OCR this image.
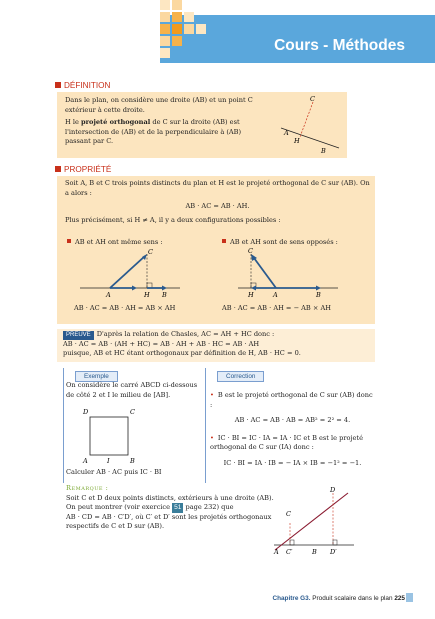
Cours - Méthodes
DÉFINITION
Dans le plan, on considère une droite (AB) et un point C extérieur à cette droite.
H le projeté orthogonal de C sur la droite (AB) est l'intersection de (AB) et de la perpendiculaire à (AB) passant par C.
C
A
H
B
PROPRIÉTÉ
Soit A, B et C trois points distincts du plan et H est le projeté orthogonal de C sur (AB). On a alors :
AB · AC = AB · AH.
Plus précisément, si H ≠ A, il y a deux configurations possibles :
AB et AH ont même sens :	AB et AH sont de sens opposés :
C
A	H B
C
H	A	B
AB · AC = AB · AH = AB × AH	AB · AC = AB · AH = − AB × AH
PREUVE D'après la relation de Chasles, AC = AH + HC donc :
AB · AC = AB · (AH + HC) = AB · AH + AB · HC = AB · AH
puisque, AB et HC étant orthogonaux par définition de H, AB · HC = 0.
Exemple
On considère le carré ABCD ci-dessous de côté 2 et I le milieu de [AB].
D	C
A	I	B
Calculer AB · AC puis IC · BI
Correction
• B est le projeté orthogonal de C sur (AB) donc :
AB · AC = AB · AB = AB² = 2² = 4.
• IC · BI = IC · IA = IA · IC et B est le projeté orthogonal de C sur (IA) donc :
IC · BI = IA · IB = − IA × IB = −1² = −1.
Remarque :
Soit C et D deux points distincts, extérieurs à une droite (AB).
On peut montrer (voir exercice 51 page 232) que
AB · CD = AB · C′D′, où C′ et D′ sont les projetés orthogonaux respectifs de C et D sur (AB).
A C′	B D′
C
D
Chapitre G3. Produit scalaire dans le plan 225
